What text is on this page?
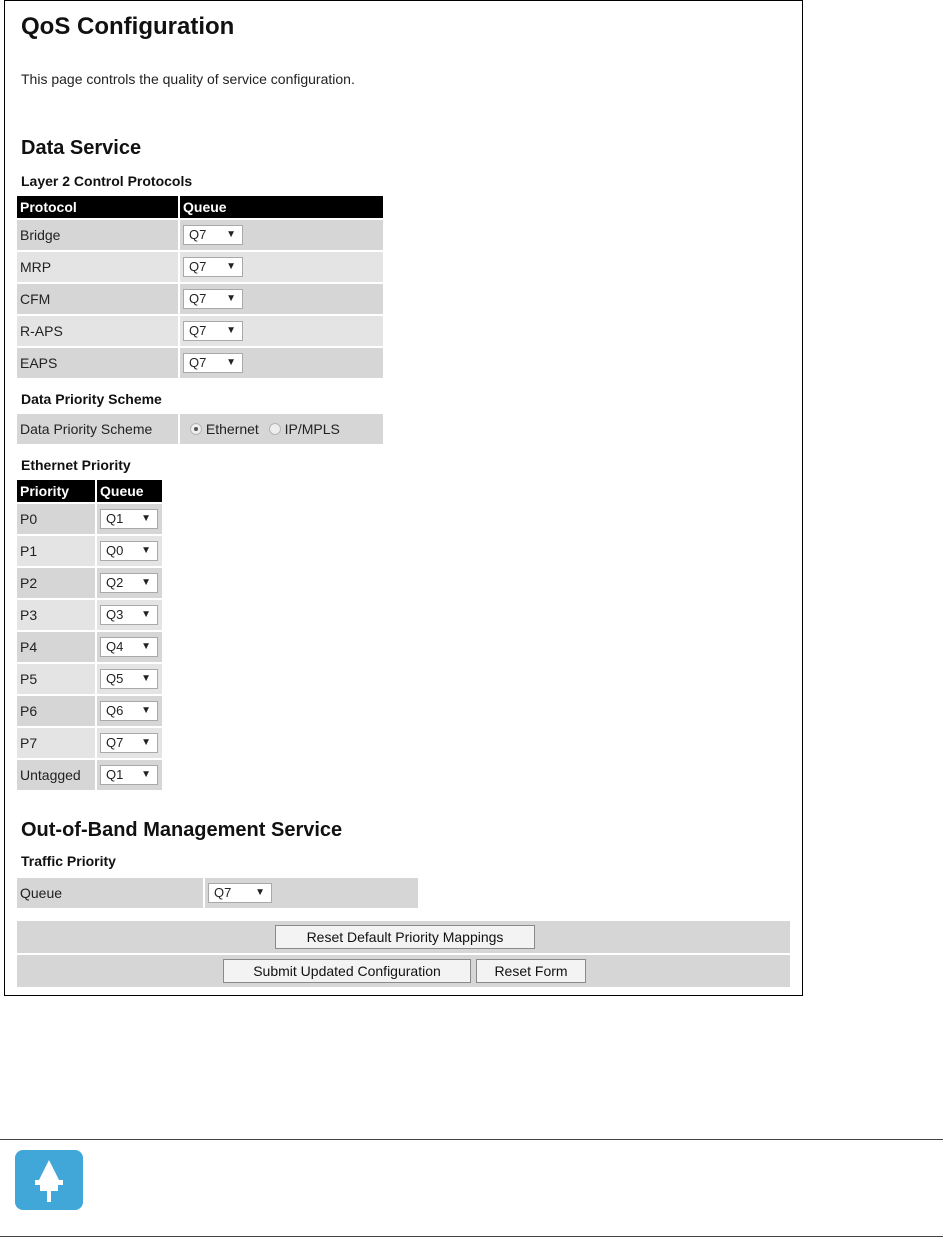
QoS Configuration
This page controls the quality of service configuration.
Data Service
Layer 2 Control Protocols
Protocol	Queue
Bridge	Q7 ▼
MRP	Q7 ▼
CFM	Q7 ▼
R-APS	Q7 ▼
EAPS	Q7 ▼
Data Priority Scheme
Data Priority Scheme	Ethernet IP/MPLS
Ethernet Priority
Priority	Queue
P0	Q1 ▼
P1	Q0 ▼
P2	Q2 ▼
P3	Q3 ▼
P4	Q4 ▼
P5	Q5 ▼
P6	Q6 ▼
P7	Q7 ▼
Untagged	Q1 ▼
Out-of-Band Management Service
Traffic Priority
Queue	Q7 ▼
Reset Default Priority Mappings
Submit Updated Configuration	Reset Form
